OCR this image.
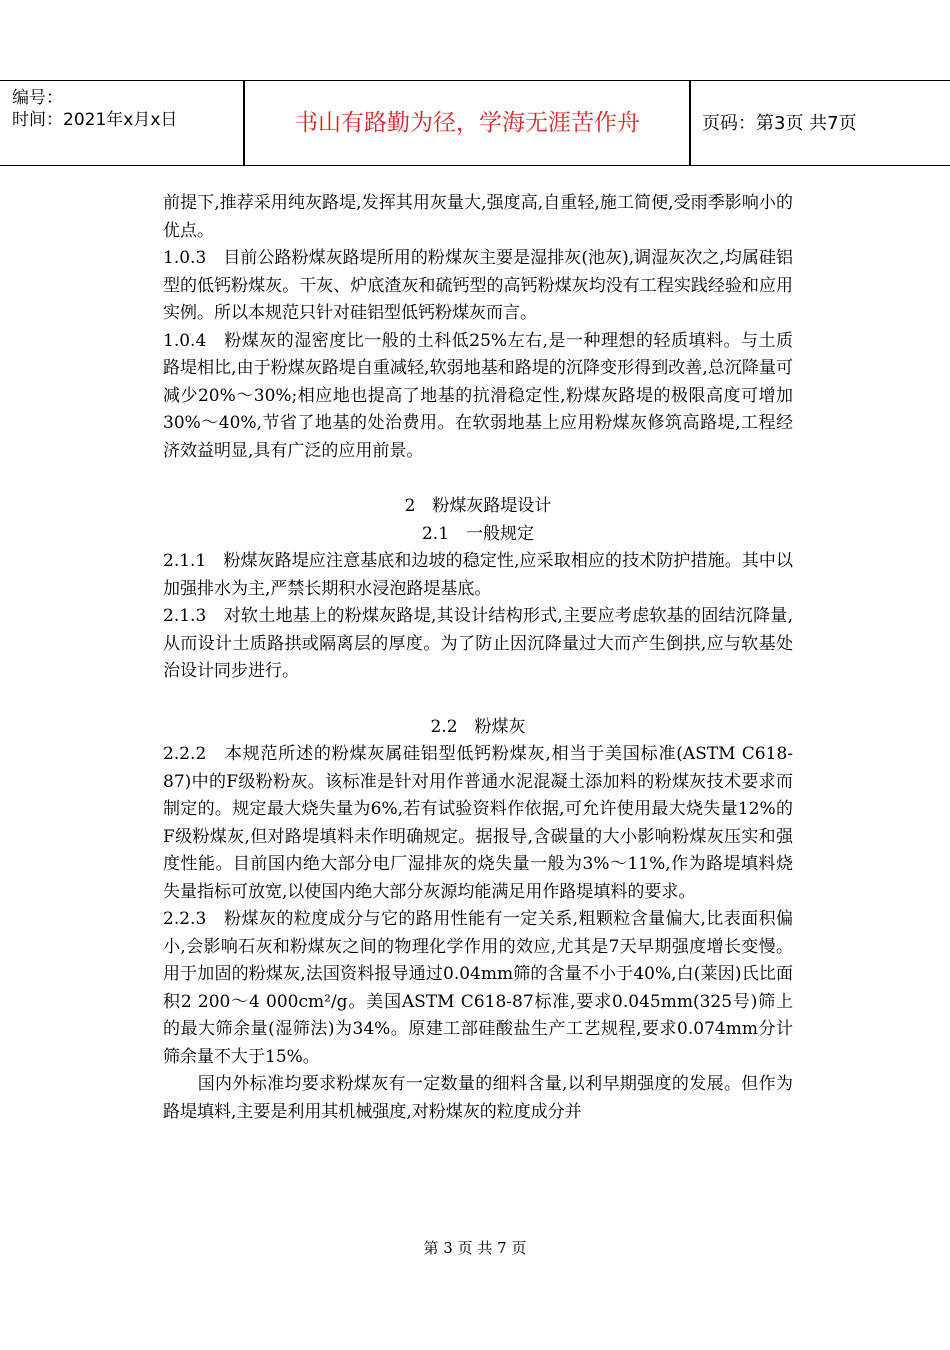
编号：
时间：2021年x月x日	书山有路勤为径，学海无涯苦作舟	页码：第3页 共7页

前提下,推荐采用纯灰路堤,发挥其用灰量大,强度高,自重轻,施工简便,受雨季影响小的优点。

1.0.3　目前公路粉煤灰路堤所用的粉煤灰主要是湿排灰(池灰),调湿灰次之,均属硅铝型的低钙粉煤灰。干灰、炉底渣灰和硫钙型的高钙粉煤灰均没有工程实践经验和应用实例。所以本规范只针对硅铝型低钙粉煤灰而言。

1.0.4　粉煤灰的湿密度比一般的土科低25%左右,是一种理想的轻质填料。与土质路堤相比,由于粉煤灰路堤自重减轻,软弱地基和路堤的沉降变形得到改善,总沉降量可减少20%～30%;相应地也提高了地基的抗滑稳定性,粉煤灰路堤的极限高度可增加30%～40%,节省了地基的处治费用。在软弱地基上应用粉煤灰修筑高路堤,工程经济效益明显,具有广泛的应用前景。

2　粉煤灰路堤设计

2.1　一般规定

2.1.1　粉煤灰路堤应注意基底和边坡的稳定性,应采取相应的技术防护措施。其中以加强排水为主,严禁长期积水浸泡路堤基底。

2.1.3　对软土地基上的粉煤灰路堤,其设计结构形式,主要应考虑软基的固结沉降量,从而设计土质路拱或隔离层的厚度。为了防止因沉降量过大而产生倒拱,应与软基处治设计同步进行。

2.2　粉煤灰

2.2.2　本规范所述的粉煤灰属硅铝型低钙粉煤灰,相当于美国标准(ASTM C618-87)中的F级粉粉灰。该标准是针对用作普通水泥混凝土添加料的粉煤灰技术要求而制定的。规定最大烧失量为6%,若有试验资料作依据,可允许使用最大烧失量12%的F级粉煤灰,但对路堤填料未作明确规定。据报导,含碳量的大小影响粉煤灰压实和强度性能。目前国内绝大部分电厂湿排灰的烧失量一般为3%～11%,作为路堤填料烧失量指标可放宽,以使国内绝大部分灰源均能满足用作路堤填料的要求。

2.2.3　粉煤灰的粒度成分与它的路用性能有一定关系,粗颗粒含量偏大,比表面积偏小,会影响石灰和粉煤灰之间的物理化学作用的效应,尤其是7天早期强度增长变慢。用于加固的粉煤灰,法国资料报导通过0.04mm筛的含量不小于40%,白(莱因)氏比面积2 200～4 000cm²/g。美国ASTM C618-87标准,要求0.045mm(325号)筛上的最大筛余量(湿筛法)为34%。原建工部硅酸盐生产工艺规程,要求0.074mm分计筛余量不大于15%。

　　国内外标准均要求粉煤灰有一定数量的细料含量,以利早期强度的发展。但作为路堤填料,主要是利用其机械强度,对粉煤灰的粒度成分并

第 3 页 共 7 页
